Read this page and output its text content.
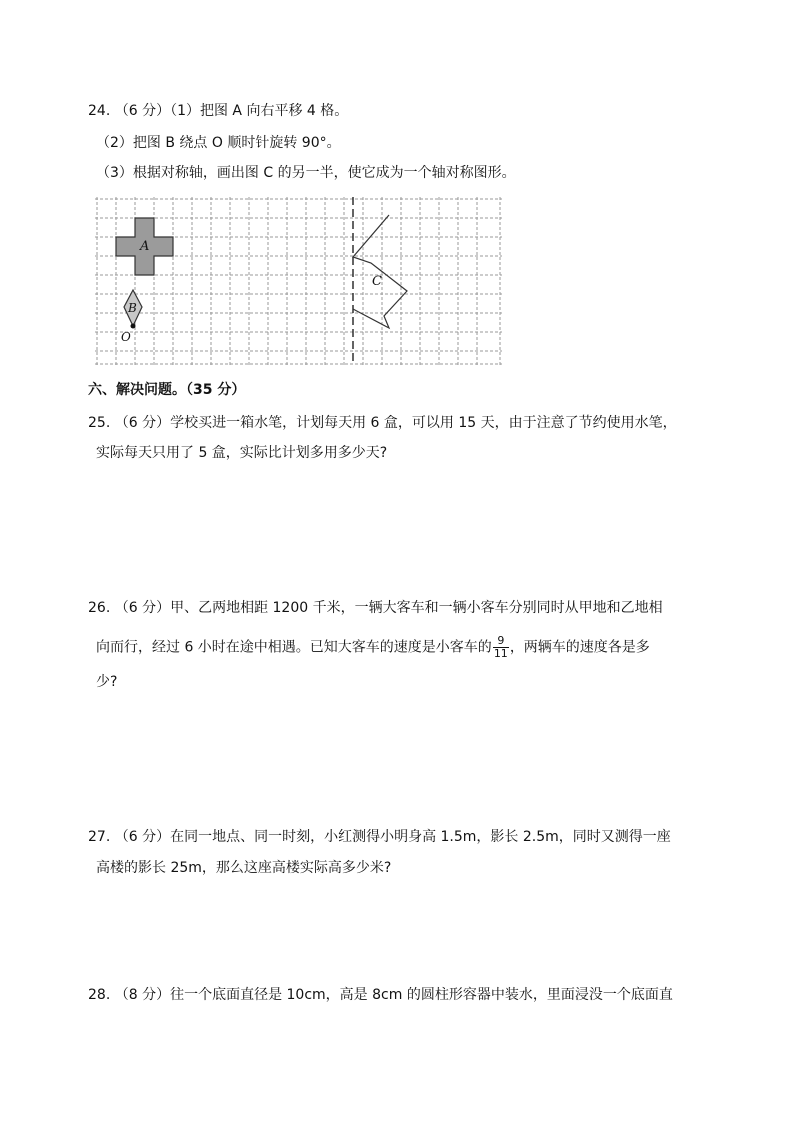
24. （6 分）（1）把图 A 向右平移 4 格。
（2）把图 B 绕点 O 顺时针旋转 90°。
（3）根据对称轴，画出图 C 的另一半，使它成为一个轴对称图形。
A
B
O
C
六、解决问题。（35 分）
25. （6 分）学校买进一箱水笔，计划每天用 6 盒，可以用 15 天，由于注意了节约使用水笔，
实际每天只用了 5 盒，实际比计划多用多少天?
26. （6 分）甲、乙两地相距 1200 千米，一辆大客车和一辆小客车分别同时从甲地和乙地相
向而行，经过 6 小时在途中相遇。已知大客车的速度是小客车的 $\frac{9}{11}$ ，两辆车的速度各是多
少?
27. （6 分）在同一地点、同一时刻，小红测得小明身高 1.5m，影长 2.5m，同时又测得一座
高楼的影长 25m，那么这座高楼实际高多少米?
28. （8 分）往一个底面直径是 10cm，高是 8cm 的圆柱形容器中装水，里面浸没一个底面直
